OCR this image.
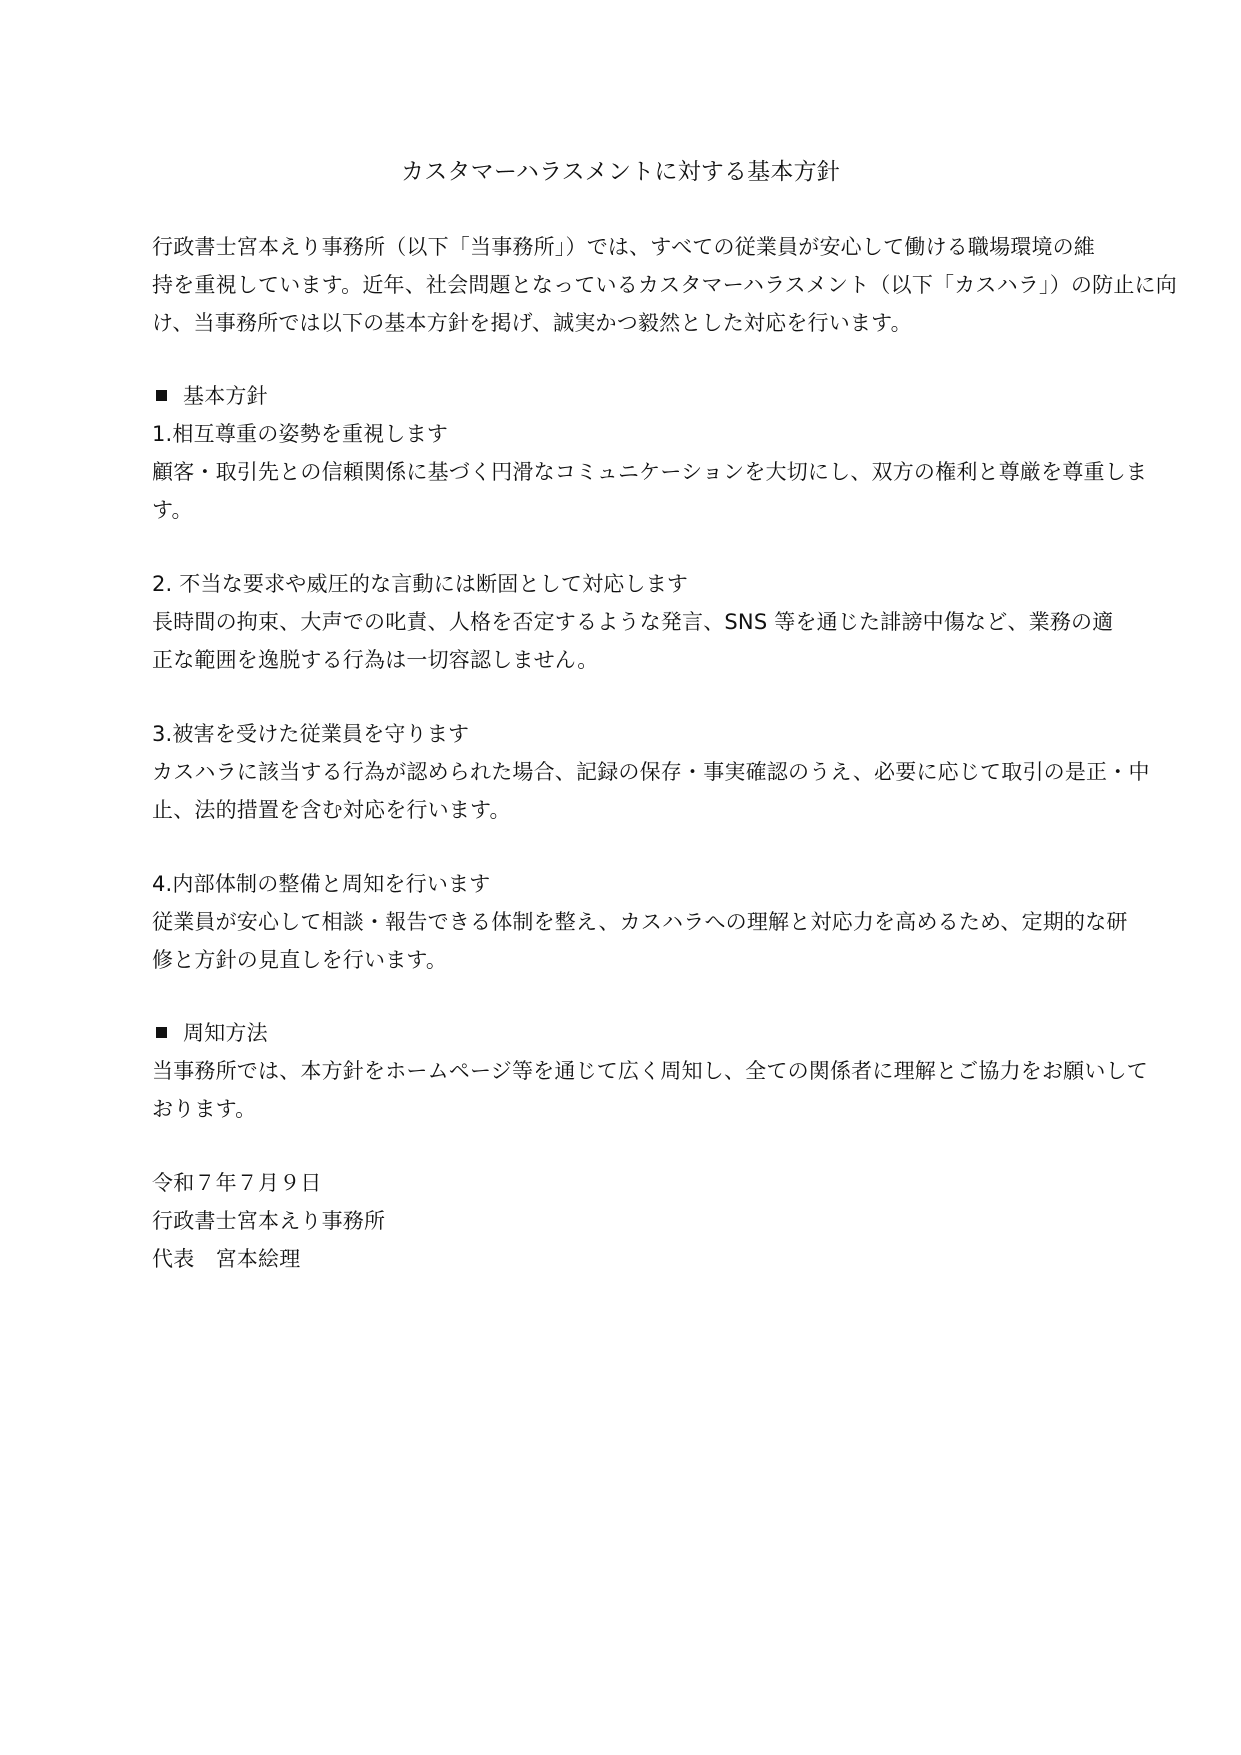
カスタマーハラスメントに対する基本方針
行政書士宮本えり事務所（以下「当事務所」）では、すべての従業員が安心して働ける職場環境の維
持を重視しています。近年、社会問題となっているカスタマーハラスメント（以下「カスハラ」）の防止に向
け、当事務所では以下の基本方針を掲げ、誠実かつ毅然とした対応を行います。
基本方針
1.相互尊重の姿勢を重視します
顧客・取引先との信頼関係に基づく円滑なコミュニケーションを大切にし、双方の権利と尊厳を尊重しま
す。
2. 不当な要求や威圧的な言動には断固として対応します
長時間の拘束、大声での叱責、人格を否定するような発言、SNS 等を通じた誹謗中傷など、業務の適
正な範囲を逸脱する行為は一切容認しません。
3.被害を受けた従業員を守ります
カスハラに該当する行為が認められた場合、記録の保存・事実確認のうえ、必要に応じて取引の是正・中
止、法的措置を含む対応を行います。
4.内部体制の整備と周知を行います
従業員が安心して相談・報告できる体制を整え、カスハラへの理解と対応力を高めるため、定期的な研
修と方針の見直しを行います。
周知方法
当事務所では、本方針をホームページ等を通じて広く周知し、全ての関係者に理解とご協力をお願いして
おります。
令和７年７月９日
行政書士宮本えり事務所
代表　宮本絵理
